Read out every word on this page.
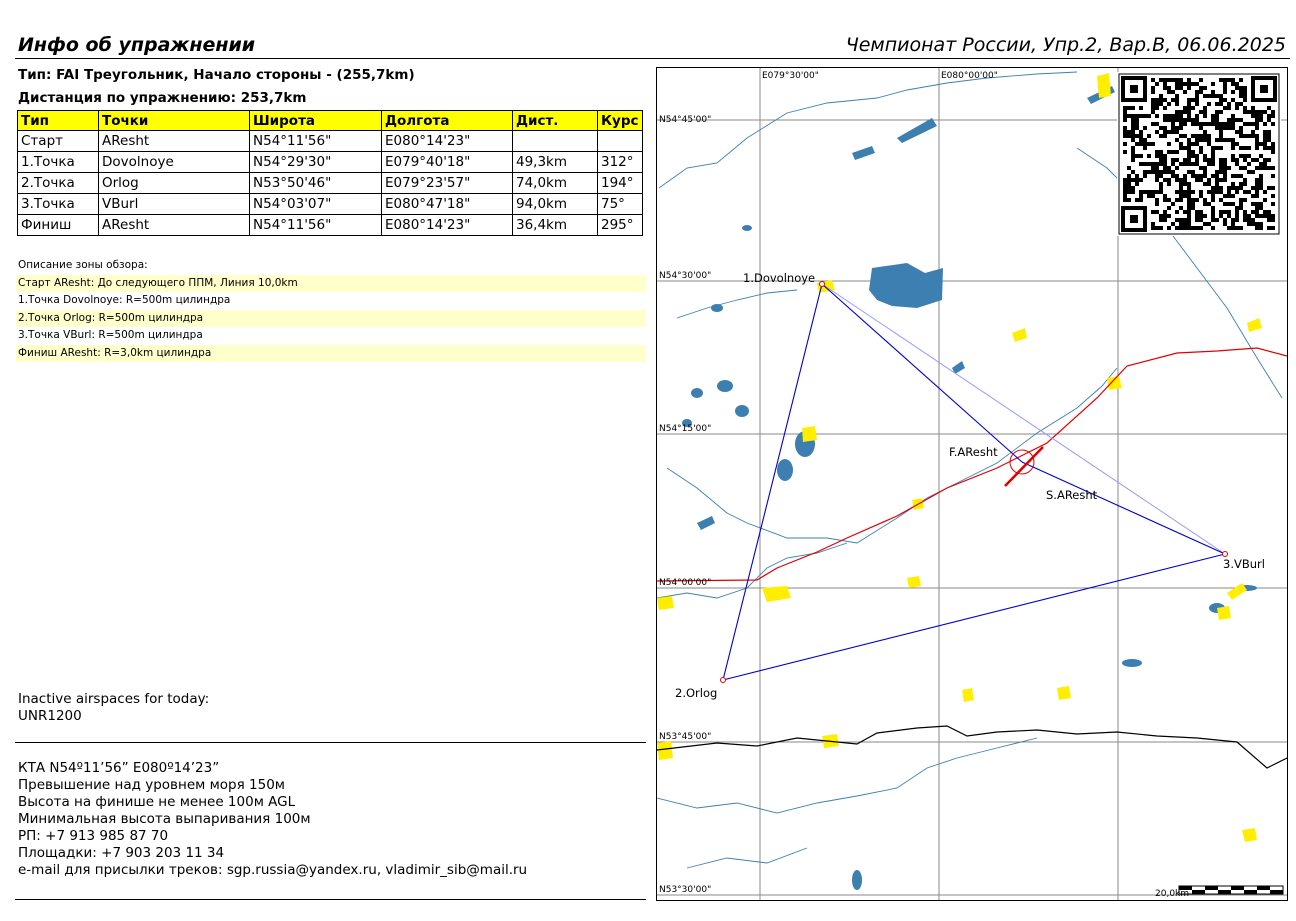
Инфо об упражнении	Чемпионат России, Упр.2, Вар.В, 06.06.2025
Тип: FAI Треугольник, Начало стороны - (255,7km)
Дистанция по упражнению: 253,7km
Тип	Точки	Широта	Долгота	Дист.	Курс
Старт	AResht	N54°11'56"	E080°14'23"		
1.Точка	Dovolnoye	N54°29'30"	E079°40'18"	49,3km	312°
2.Точка	Orlog	N53°50'46"	E079°23'57"	74,0km	194°
3.Точка	VBurl	N54°03'07"	E080°47'18"	94,0km	75°
Финиш	AResht	N54°11'56"	E080°14'23"	36,4km	295°
Описание зоны обзора:
Старт AResht: До следующего ППМ, Линия 10,0km
1.Точка Dovolnoye: R=500m цилиндра
2.Точка Orlog: R=500m цилиндра
3.Точка VBurl: R=500m цилиндра
Финиш AResht: R=3,0km цилиндра
Inactive airspaces for today:
UNR1200
КТА N54º11’56” E080º14’23”
Превышение над уровнем моря 150м
Высота на финише не менее 100м AGL
Минимальная высота выпаривания 100м
РП: +7 913 985 87 70
Площадки: +7 903 203 11 34
e-mail для присылки треков: sgp.russia@yandex.ru, vladimir_sib@mail.ru
E079°30'00"	E080°00'00"
N54°45'00"
N54°30'00"
N54°15'00"
N54°00'00"
N53°45'00"
N53°30'00"	20,0km
1.Dovolnoye
2.Orlog
3.VBurl
F.AResht
S.AResht
